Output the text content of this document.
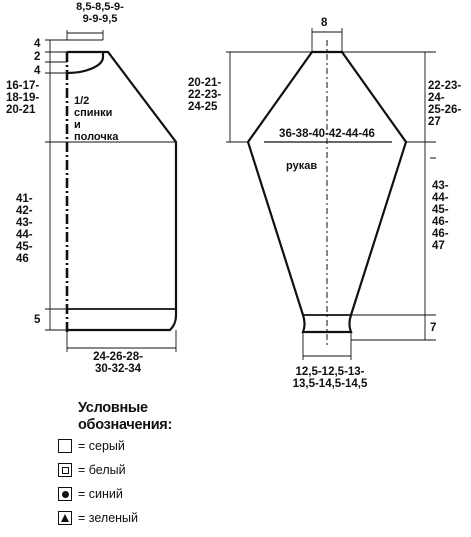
8,5-8,5-9-
9-9-9,5
4
2
4
16-17-
18-19-
20-21
1/2
спинки
и полочка
41-
42-
43-
44-
45-
46
5
24-26-28-
30-32-34
8
20-21-
22-23-
24-25
22-23-24-
25-26-27
36-38-40-42-44-46
рукав
43-
44-
45-
46-
46-
47
7
12,5-12,5-13-
13,5-14,5-14,5
Условные обозначения:
= серый
= белый
= синий
= зеленый
